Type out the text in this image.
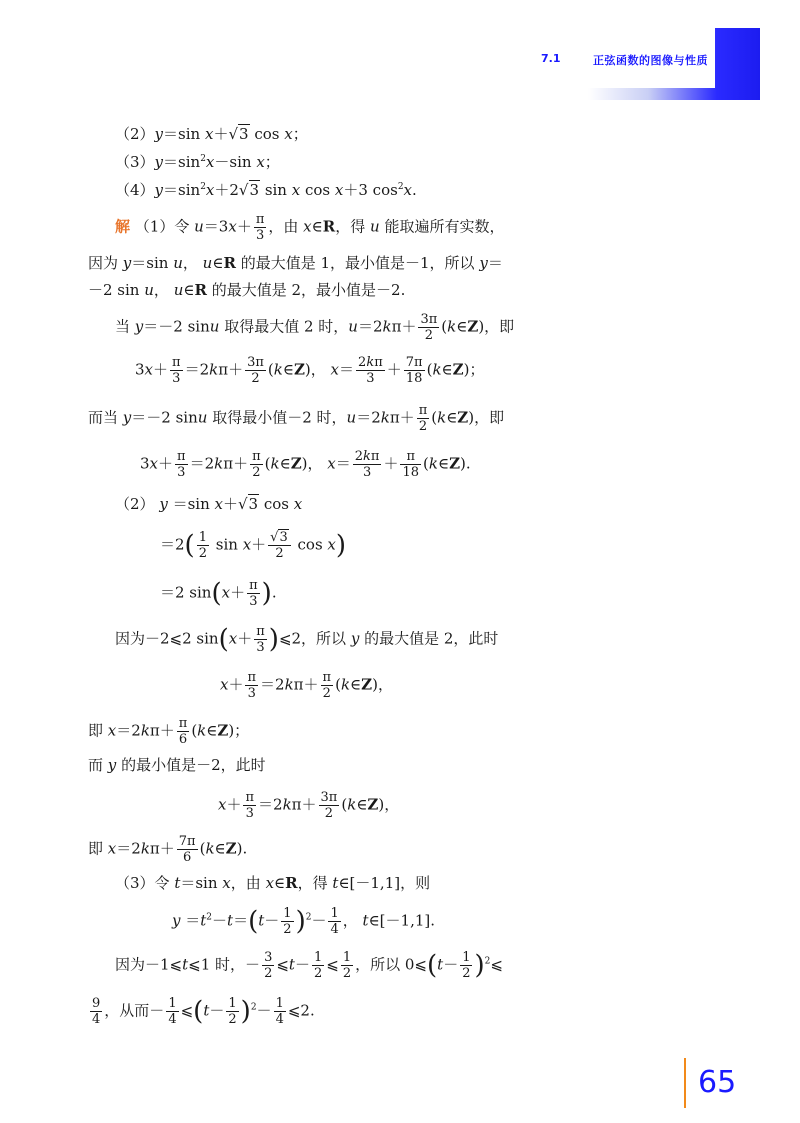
7.1	正弦函数的图像与性质
（2）y＝sin x＋√3 cos x；
$(3)y=\sin^2x-\sin$ x；
$(4)y=\sin^2x+2√3$ sin x cos x＋3 $\cos^2x$.
解 （1）令 $u=3x+ \frac{\pi}{3}$ ，由 x∈R，得 u 能取遍所有实数，
因为 y＝sin u， u∈R 的最大值是 1，最小值是－1，所以 y＝
－2 sin u， u∈R 的最大值是 2，最小值是－2.
当 y＝－2 sinu 取得最大值 2 时，$u=2k\pi+ \frac{3\pi}{2}$ (k∈Z)，即
$3x+ \frac{\pi}{3} =2k\pi+ \frac{3\pi}{2}$ (k∈Z)， $x= \frac{2k\pi}{3} + \frac{7\pi}{18}$ (k∈Z)；
而当 y＝－2 sinu 取得最小值－2 时，$u=2k\pi+ \frac{\pi}{2}$ (k∈Z)，即
$3x+ \frac{\pi}{3} =2k\pi+ \frac{\pi}{2}$ (k∈Z)， $x= \frac{2k\pi}{3} + \frac{\pi}{18}$ (k∈Z).
（2） y ＝sin x＋√3 cos x
$=2( \frac{1}{2}$ $\sin x+ \frac{√3}{2}$ cos x)
＝2 $\sin(x+ \frac{\pi}{3}$ ).
因为－2⩽2 $\sin(x+ \frac{\pi}{3}$ )⩽2，所以 y 的最大值是 2，此时
$x+ \frac{\pi}{3} =2k\pi+ \frac{\pi}{2}$ (k∈Z)，
即 $x=2k\pi+ \frac{\pi}{6}$ (k∈Z)；
而 y 的最小值是－2，此时
$x+ \frac{\pi}{3} =2k\pi+ \frac{3\pi}{2}$ (k∈Z)，
即 $x=2k\pi+ \frac{7\pi}{6}$ (k∈Z).
（3）令 t＝sin x，由 x∈R，得 t∈[－1,1]，则
$y =t^2-t=(t- \frac{1}{2} )^2- \frac{1}{4}$ ， t∈[－1,1].
因为－1⩽t⩽1 时，－ $\frac{3}{2}$ ⩽t－ $\frac{1}{2}$ ⩽ $\frac{1}{2}$ ，所以 0⩽(t－ $\frac{1}{2}$ )$^2$⩽
$\frac{9}{4}$ ，从而－ $\frac{1}{4}$ ⩽(t－ $\frac{1}{2} )^2- \frac{1}{4}$ ⩽2.
65
